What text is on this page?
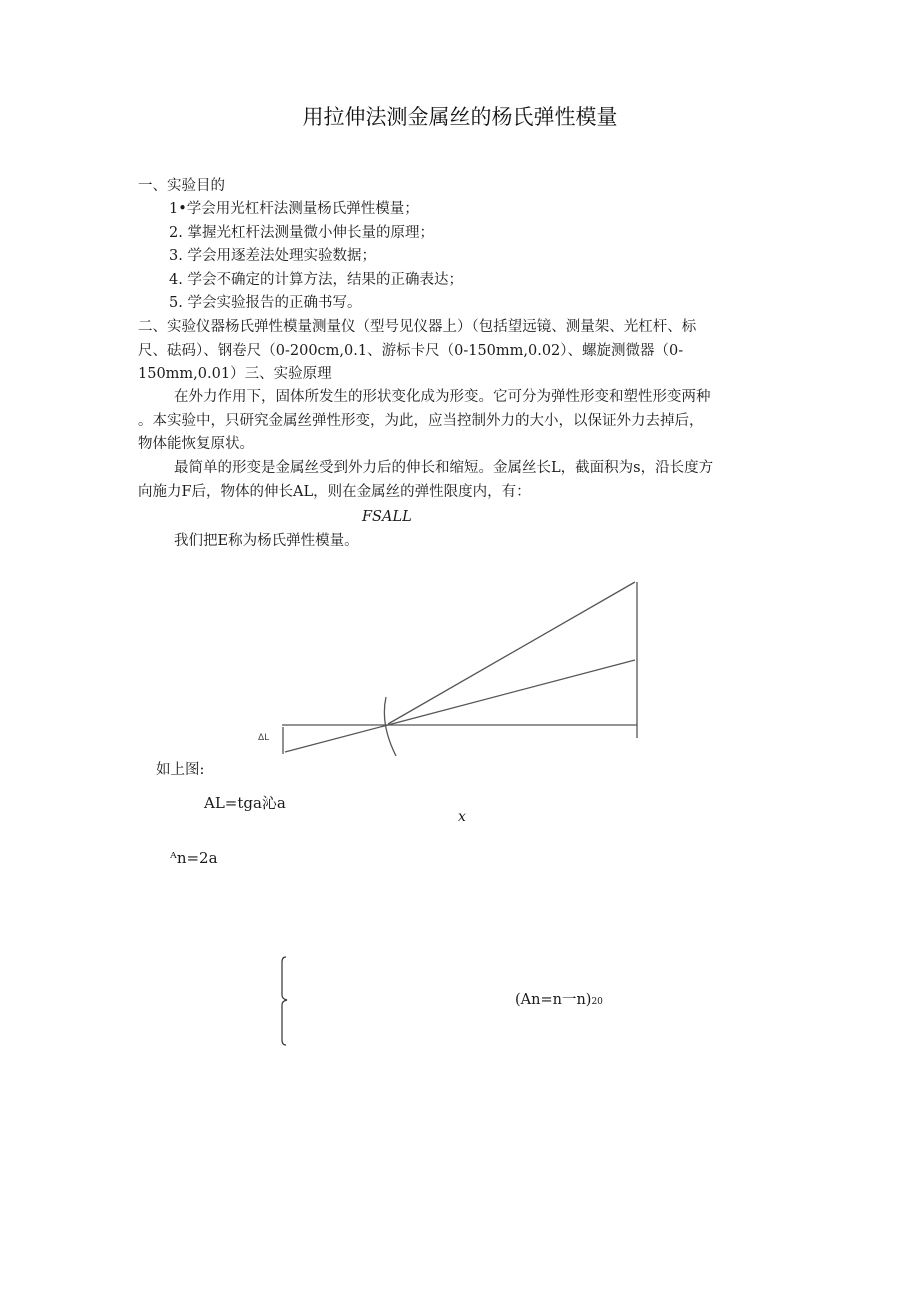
用拉伸法测金属丝的杨氏弹性模量
一、实验目的
1•学会用光杠杆法测量杨氏弹性模量；
2. 掌握光杠杆法测量微小伸长量的原理；
3. 学会用逐差法处理实验数据；
4. 学会不确定的计算方法，结果的正确表达；
5. 学会实验报告的正确书写。
二、实验仪器杨氏弹性模量测量仪（型号见仪器上）（包括望远镜、测量架、光杠杆、标
尺、砝码）、钢卷尺（0-200cm,0.1、游标卡尺（0-150mm,0.02）、螺旋测微器（0-
150mm,0.01）三、实验原理
在外力作用下，固体所发生的形状变化成为形变。它可分为弹性形变和塑性形变两种
。本实验中，只研究金属丝弹性形变，为此，应当控制外力的大小，以保证外力去掉后，
物体能恢复原状。
最简单的形变是金属丝受到外力后的伸长和缩短。金属丝长L，截面积为s，沿长度方
向施力F后，物体的伸长AL，则在金属丝的弹性限度内，有：
FSALL
我们把E称为杨氏弹性模量。
ΔL
如上图:
AL=tga沁a
x
ᴬn=2a
(An=n一n)20
